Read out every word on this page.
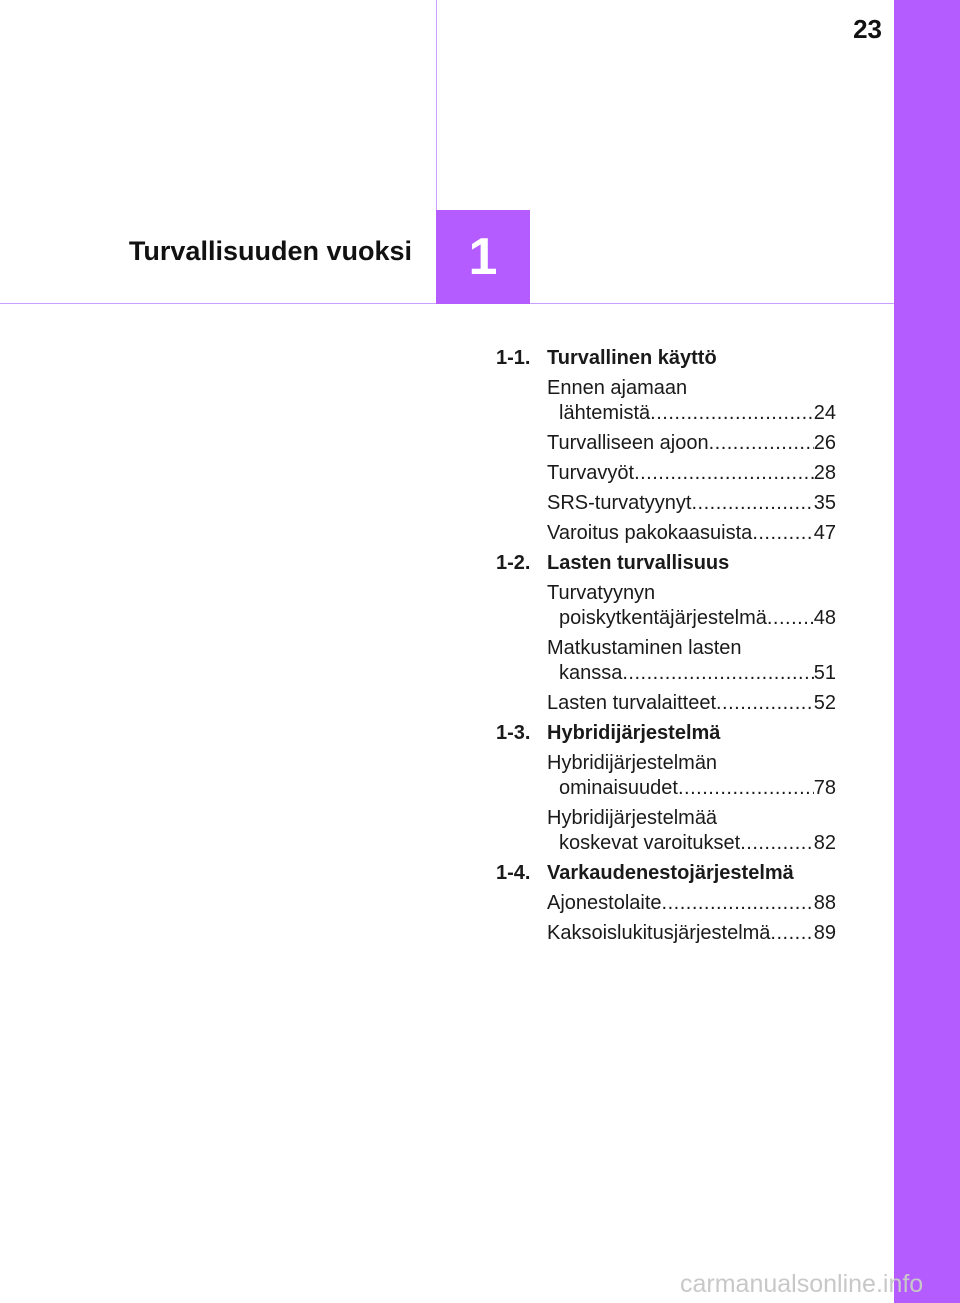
23
Turvallisuuden vuoksi 1
1-1. Turvallinen käyttö
Ennen ajamaan
lähtemistä .....	24
Turvalliseen ajoon .....	26
Turvavyöt .....	28
SRS-turvatyynyt .....	35
Varoitus pakokaasuista .....	47
1-2. Lasten turvallisuus
Turvatyynyn
poiskytkentäjärjestelmä ..... 48
Matkustaminen lasten
kanssa .....	51
Lasten turvalaitteet .....	52
1-3. Hybridijärjestelmä
Hybridijärjestelmän
ominaisuudet .....	78
Hybridijärjestelmää
koskevat varoitukset .....	82
1-4. Varkaudenestojärjestelmä
Ajonestolaite .....	88
Kaksoislukitusjärjestelmä ..... 89
carmanualsonline.info
